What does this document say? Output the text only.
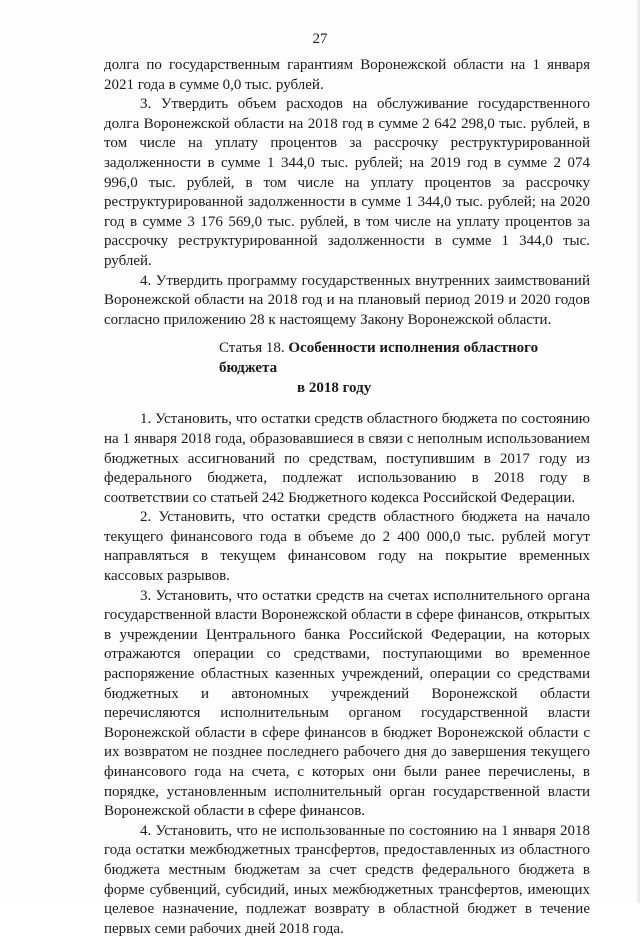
27

долга по государственным гарантиям Воронежской области на 1 января 2021 года в сумме 0,0 тыс. рублей.

3. Утвердить объем расходов на обслуживание государственного долга Воронежской области на 2018 год в сумме 2 642 298,0 тыс. рублей, в том числе на уплату процентов за рассрочку реструктурированной задолженности в сумме 1 344,0 тыс. рублей; на 2019 год в сумме 2 074 996,0 тыс. рублей, в том числе на уплату процентов за рассрочку реструктурированной задолженности в сумме 1 344,0 тыс. рублей; на 2020 год в сумме 3 176 569,0 тыс. рублей, в том числе на уплату процентов за рассрочку реструктурированной задолженности в сумме 1 344,0 тыс. рублей.

4. Утвердить программу государственных внутренних заимствований Воронежской области на 2018 год и на плановый период 2019 и 2020 годов согласно приложению 28 к настоящему Закону Воронежской области.

Статья 18. Особенности исполнения областного бюджета
в 2018 году

1. Установить, что остатки средств областного бюджета по состоянию на 1 января 2018 года, образовавшиеся в связи с неполным использованием бюджетных ассигнований по средствам, поступившим в 2017 году из федерального бюджета, подлежат использованию в 2018 году в соответствии со статьей 242 Бюджетного кодекса Российской Федерации.

2. Установить, что остатки средств областного бюджета на начало текущего финансового года в объеме до 2 400 000,0 тыс. рублей могут направляться в текущем финансовом году на покрытие временных кассовых разрывов.

3. Установить, что остатки средств на счетах исполнительного органа государственной власти Воронежской области в сфере финансов, открытых в учреждении Центрального банка Российской Федерации, на которых отражаются операции со средствами, поступающими во временное распоряжение областных казенных учреждений, операции со средствами бюджетных и автономных учреждений Воронежской области перечисляются исполнительным органом государственной власти Воронежской области в сфере финансов в бюджет Воронежской области с их возвратом не позднее последнего рабочего дня до завершения текущего финансового года на счета, с которых они были ранее перечислены, в порядке, установленным исполнительный орган государственной власти Воронежской области в сфере финансов.

4. Установить, что не использованные по состоянию на 1 января 2018 года остатки межбюджетных трансфертов, предоставленных из областного бюджета местным бюджетам за счет средств федерального бюджета в форме субвенций, субсидий, иных межбюджетных трансфертов, имеющих целевое назначение, подлежат возврату в областной бюджет в течение первых семи рабочих дней 2018 года.
